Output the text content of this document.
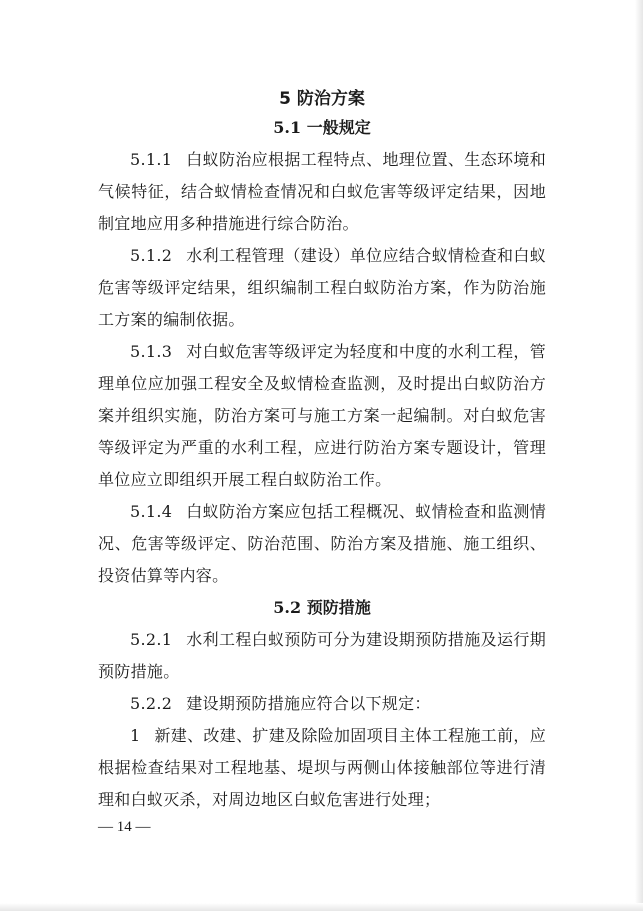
5 防治方案
5.1 一般规定

5.1.1 白蚁防治应根据工程特点、地理位置、生态环境和气候特征，结合蚁情检查情况和白蚁危害等级评定结果，因地制宜地应用多种措施进行综合防治。

5.1.2 水利工程管理（建设）单位应结合蚁情检查和白蚁危害等级评定结果，组织编制工程白蚁防治方案，作为防治施工方案的编制依据。

5.1.3 对白蚁危害等级评定为轻度和中度的水利工程，管理单位应加强工程安全及蚁情检查监测，及时提出白蚁防治方案并组织实施，防治方案可与施工方案一起编制。对白蚁危害等级评定为严重的水利工程，应进行防治方案专题设计，管理单位应立即组织开展工程白蚁防治工作。

5.1.4 白蚁防治方案应包括工程概况、蚁情检查和监测情况、危害等级评定、防治范围、防治方案及措施、施工组织、投资估算等内容。

5.2 预防措施

5.2.1 水利工程白蚁预防可分为建设期预防措施及运行期预防措施。

5.2.2 建设期预防措施应符合以下规定：

1 新建、改建、扩建及除险加固项目主体工程施工前，应根据检查结果对工程地基、堤坝与两侧山体接触部位等进行清理和白蚁灭杀，对周边地区白蚁危害进行处理；

— 14 —
